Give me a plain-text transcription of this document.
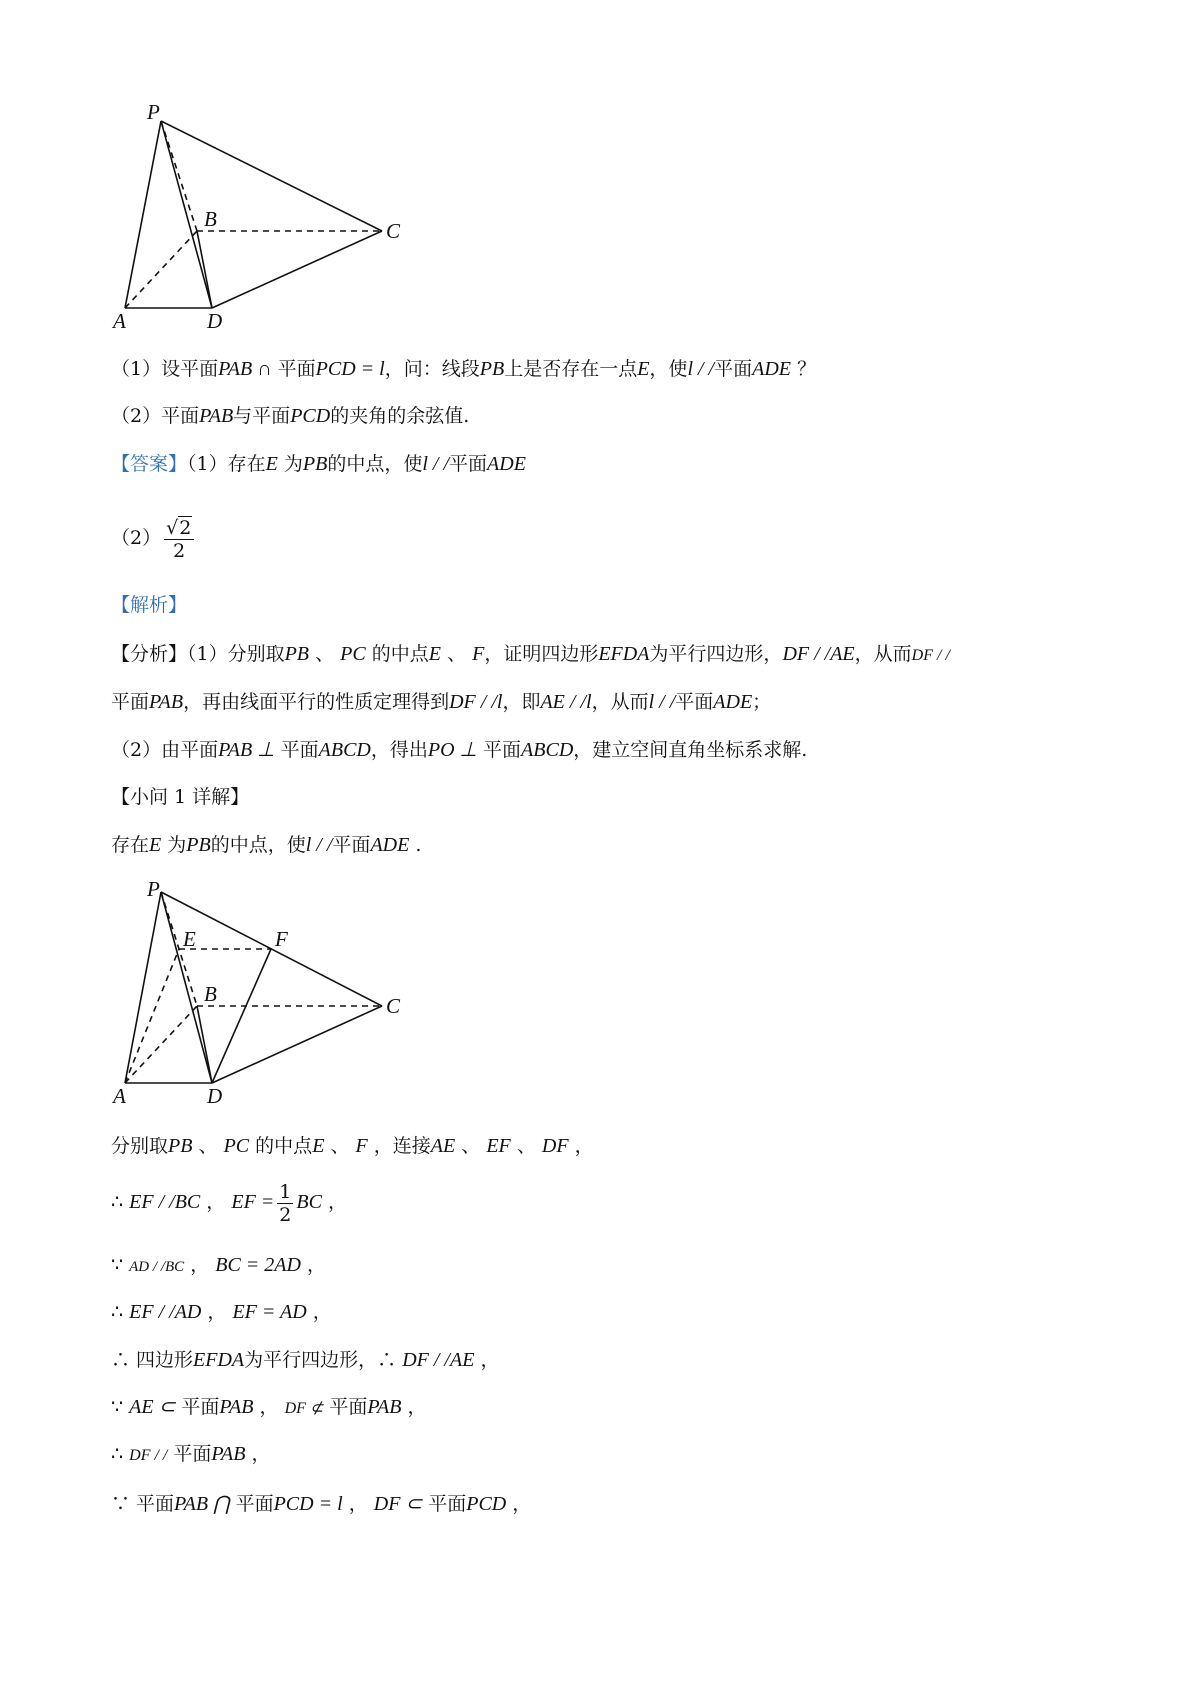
P
B	C
A	D
P
E	F
B	C
A	D
（1）设平面PAB ∩ 平面PCD = l，问：线段PB上是否存在一点E，使l / /平面ADE ？
（2）平面PAB与平面PCD的夹角的余弦值.
【答案】（1）存在E 为PB的中点，使l / /平面ADE
$(2) \frac{√2}{2}$
【解析】
【分析】（1）分别取PB 、 PC 的中点E 、 F，证明四边形EFDA为平行四边形，DF / /AE，从而DF / /
平面PAB，再由线面平行的性质定理得到DF / /l，即AE / /l，从而l / /平面ADE；
（2）由平面PAB ⊥ 平面ABCD，得出PO ⊥ 平面ABCD，建立空间直角坐标系求解.
【小问 1 详解】
存在E 为PB的中点，使l / /平面ADE .
分别取PB 、 PC 的中点E 、 F ，连接AE 、 EF 、 DF ，
∴ EF / /BC ， EF = $\frac{1}{2}$ BC ，
∵ AD / /BC ， BC = 2AD ，
∴ EF / /AD ， EF = AD ，
∴ 四边形EFDA为平行四边形，∴ DF / /AE ，
∵ AE ⊂ 平面PAB ， DF ⊄ 平面PAB ，
∴ DF / / 平面PAB ，
∵ 平面PAB ⋂ 平面PCD = l ， DF ⊂ 平面PCD ，
